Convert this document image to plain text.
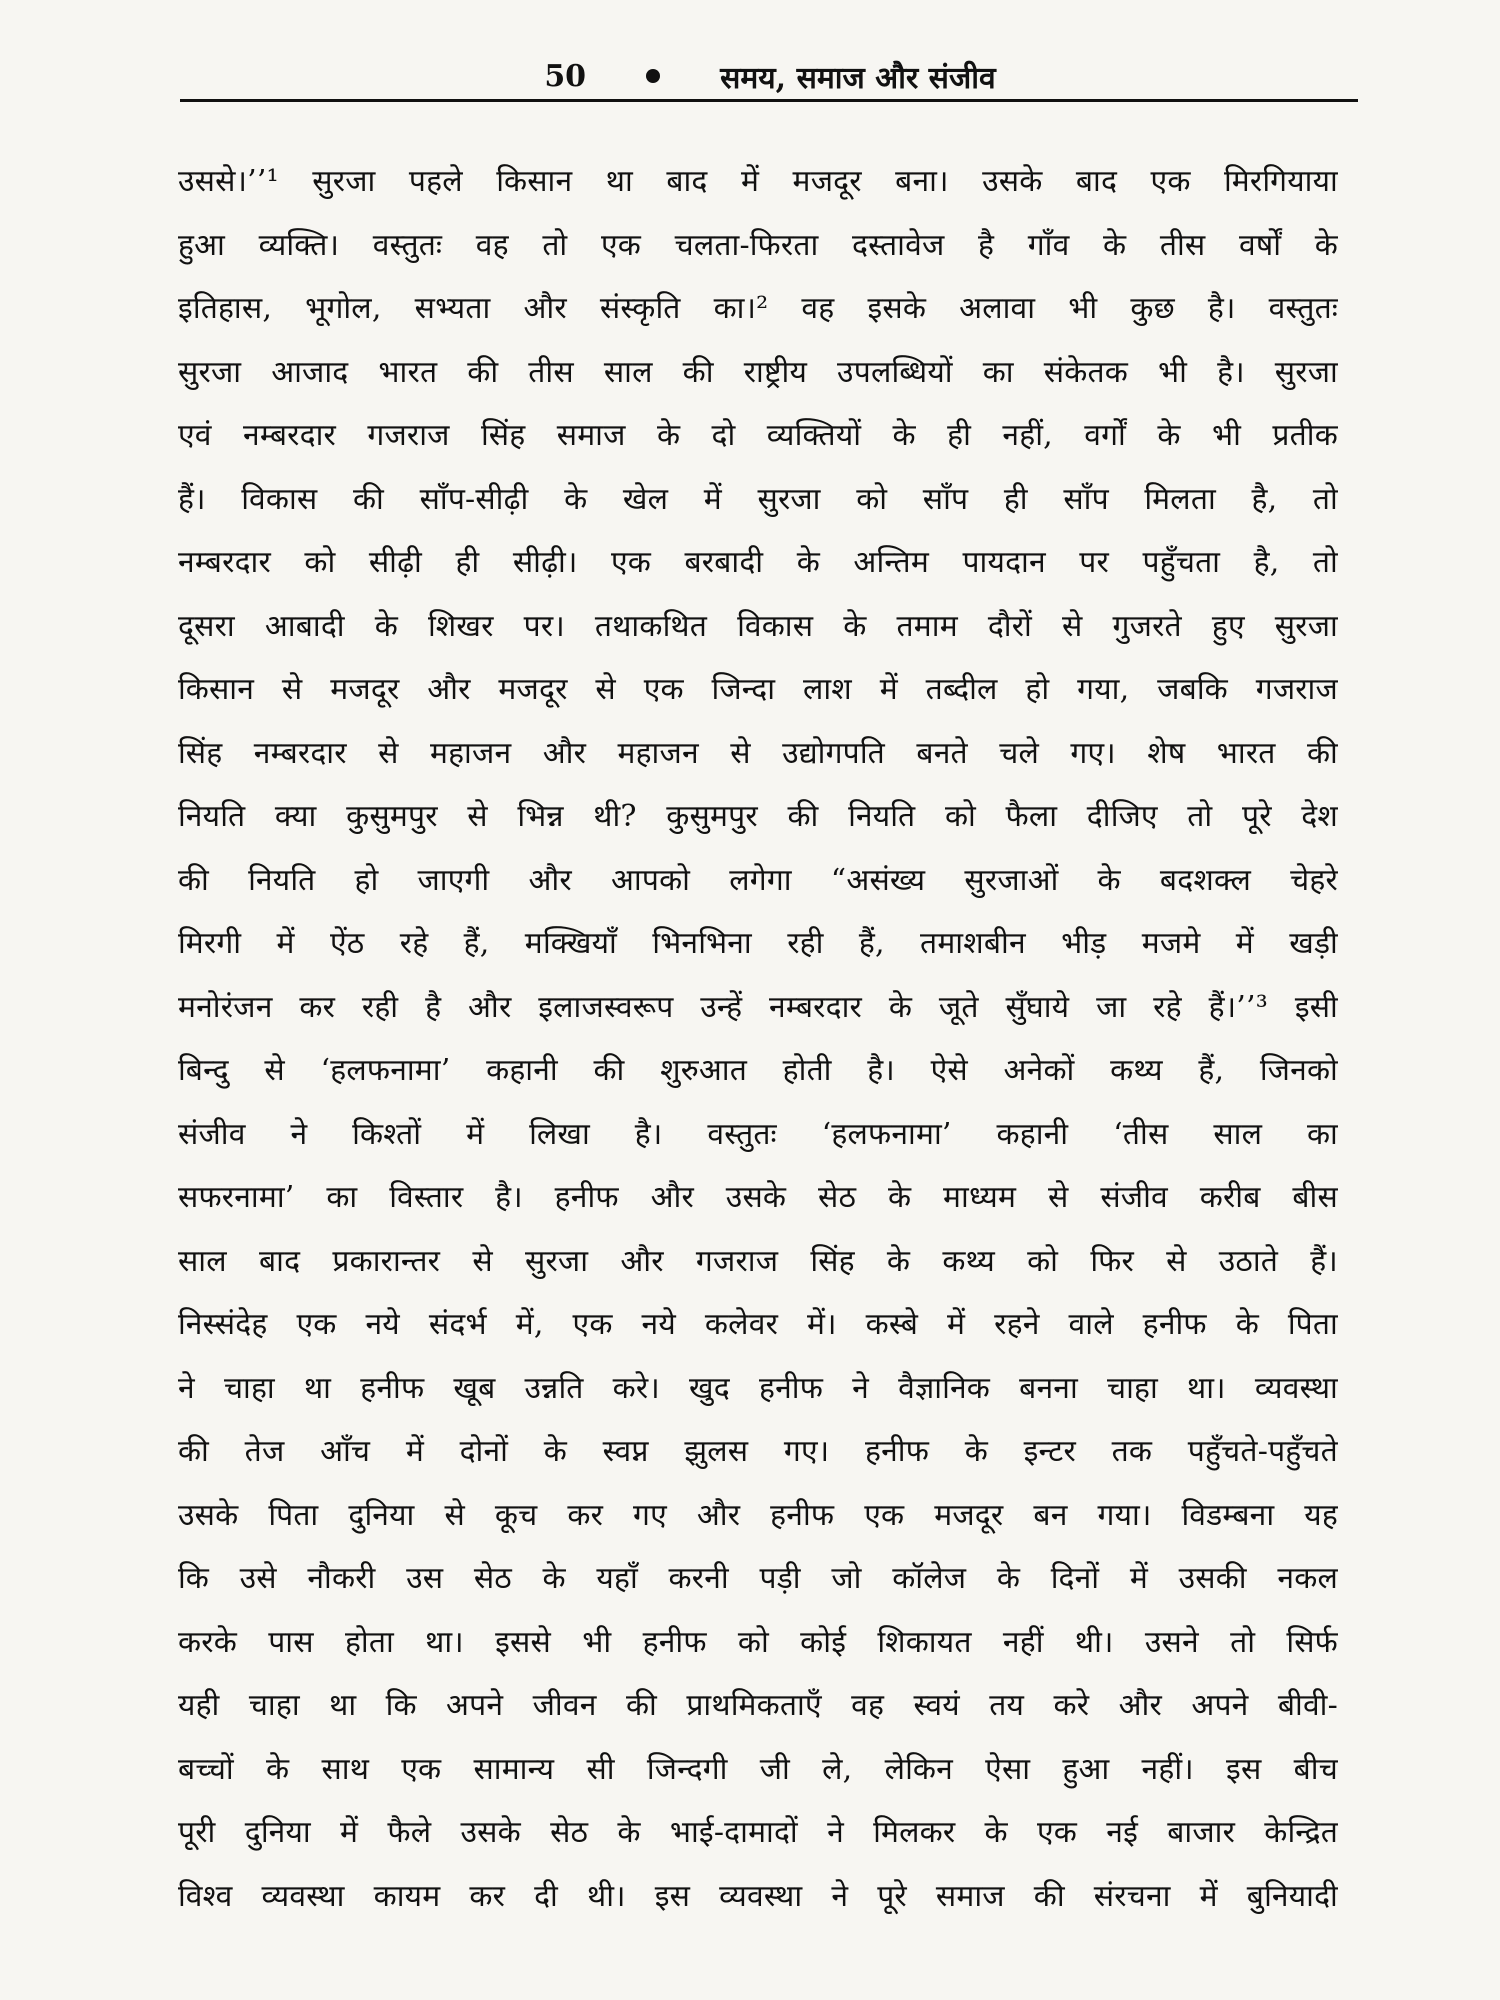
50	समय, समाज और संजीव
उससे।’’¹ सुरजा पहले किसान था बाद में मजदूर बना। उसके बाद एक मिरगियाया
हुआ व्यक्ति। वस्तुतः वह तो एक चलता-फिरता दस्तावेज है गाँव के तीस वर्षों के
इतिहास, भूगोल, सभ्यता और संस्कृति का।² वह इसके अलावा भी कुछ है। वस्तुतः
सुरजा आजाद भारत की तीस साल की राष्ट्रीय उपलब्धियों का संकेतक भी है। सुरजा
एवं नम्बरदार गजराज सिंह समाज के दो व्यक्तियों के ही नहीं, वर्गों के भी प्रतीक
हैं। विकास की साँप-सीढ़ी के खेल में सुरजा को साँप ही साँप मिलता है, तो
नम्बरदार को सीढ़ी ही सीढ़ी। एक बरबादी के अन्तिम पायदान पर पहुँचता है, तो
दूसरा आबादी के शिखर पर। तथाकथित विकास के तमाम दौरों से गुजरते हुए सुरजा
किसान से मजदूर और मजदूर से एक जिन्दा लाश में तब्दील हो गया, जबकि गजराज
सिंह नम्बरदार से महाजन और महाजन से उद्योगपति बनते चले गए। शेष भारत की
नियति क्या कुसुमपुर से भिन्न थी? कुसुमपुर की नियति को फैला दीजिए तो पूरे देश
की नियति हो जाएगी और आपको लगेगा “असंख्य सुरजाओं के बदशक्ल चेहरे
मिरगी में ऐंठ रहे हैं, मक्खियाँ भिनभिना रही हैं, तमाशबीन भीड़ मजमे में खड़ी
मनोरंजन कर रही है और इलाजस्वरूप उन्हें नम्बरदार के जूते सुँघाये जा रहे हैं।’’³ इसी
बिन्दु से ‘हलफनामा’ कहानी की शुरुआत होती है। ऐसे अनेकों कथ्य हैं, जिनको
संजीव ने किश्तों में लिखा है। वस्तुतः ‘हलफनामा’ कहानी ‘तीस साल का
सफरनामा’ का विस्तार है। हनीफ और उसके सेठ के माध्यम से संजीव करीब बीस
साल बाद प्रकारान्तर से सुरजा और गजराज सिंह के कथ्य को फिर से उठाते हैं।
निस्संदेह एक नये संदर्भ में, एक नये कलेवर में। कस्बे में रहने वाले हनीफ के पिता
ने चाहा था हनीफ खूब उन्नति करे। खुद हनीफ ने वैज्ञानिक बनना चाहा था। व्यवस्था
की तेज आँच में दोनों के स्वप्न झुलस गए। हनीफ के इन्टर तक पहुँचते-पहुँचते
उसके पिता दुनिया से कूच कर गए और हनीफ एक मजदूर बन गया। विडम्बना यह
कि उसे नौकरी उस सेठ के यहाँ करनी पड़ी जो कॉलेज के दिनों में उसकी नकल
करके पास होता था। इससे भी हनीफ को कोई शिकायत नहीं थी। उसने तो सिर्फ
यही चाहा था कि अपने जीवन की प्राथमिकताएँ वह स्वयं तय करे और अपने बीवी-
बच्चों के साथ एक सामान्य सी जिन्दगी जी ले, लेकिन ऐसा हुआ नहीं। इस बीच
पूरी दुनिया में फैले उसके सेठ के भाई-दामादों ने मिलकर के एक नई बाजार केन्द्रित
विश्व व्यवस्था कायम कर दी थी। इस व्यवस्था ने पूरे समाज की संरचना में बुनियादी
